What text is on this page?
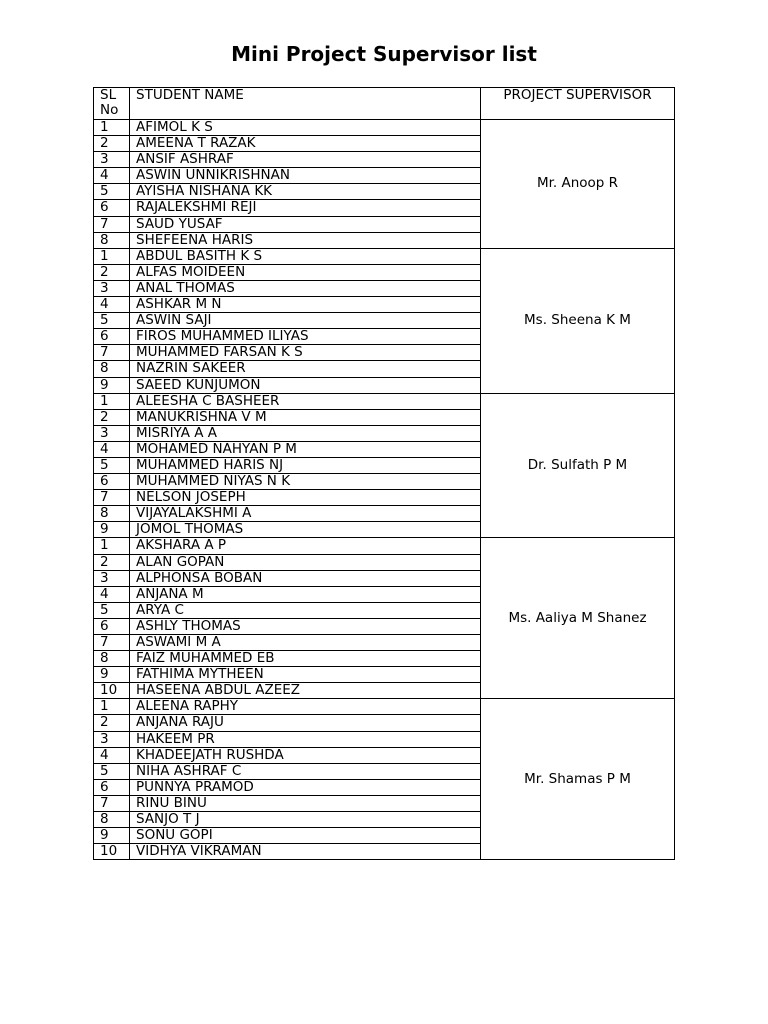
Mini Project Supervisor list
SL No	STUDENT NAME	PROJECT SUPERVISOR
1	AFIMOL K S	Mr. Anoop R
2	AMEENA T RAZAK	
3	ANSIF ASHRAF	
4	ASWIN UNNIKRISHNAN	
5	AYISHA NISHANA KK	
6	RAJALEKSHMI REJI	
7	SAUD YUSAF	
8	SHEFEENA HARIS	
1	ABDUL BASITH K S	Ms. Sheena K M
2	ALFAS MOIDEEN	
3	ANAL THOMAS	
4	ASHKAR M N	
5	ASWIN SAJI	
6	FIROS MUHAMMED ILIYAS	
7	MUHAMMED FARSAN K S	
8	NAZRIN SAKEER	
9	SAEED KUNJUMON	
1	ALEESHA C BASHEER	Dr. Sulfath P M
2	MANUKRISHNA V M	
3	MISRIYA A A	
4	MOHAMED NAHYAN P M	
5	MUHAMMED HARIS NJ	
6	MUHAMMED NIYAS N K	
7	NELSON JOSEPH	
8	VIJAYALAKSHMI A	
9	JOMOL THOMAS	
1	AKSHARA A P	Ms. Aaliya M Shanez
2	ALAN GOPAN	
3	ALPHONSA BOBAN	
4	ANJANA M	
5	ARYA C	
6	ASHLY THOMAS	
7	ASWAMI M A	
8	FAIZ MUHAMMED EB	
9	FATHIMA MYTHEEN	
10	HASEENA ABDUL AZEEZ	
1	ALEENA RAPHY	Mr. Shamas P M
2	ANJANA RAJU	
3	HAKEEM PR	
4	KHADEEJATH RUSHDA	
5	NIHA ASHRAF C	
6	PUNNYA PRAMOD	
7	RINU BINU	
8	SANJO T J	
9	SONU GOPI	
10	VIDHYA VIKRAMAN	
